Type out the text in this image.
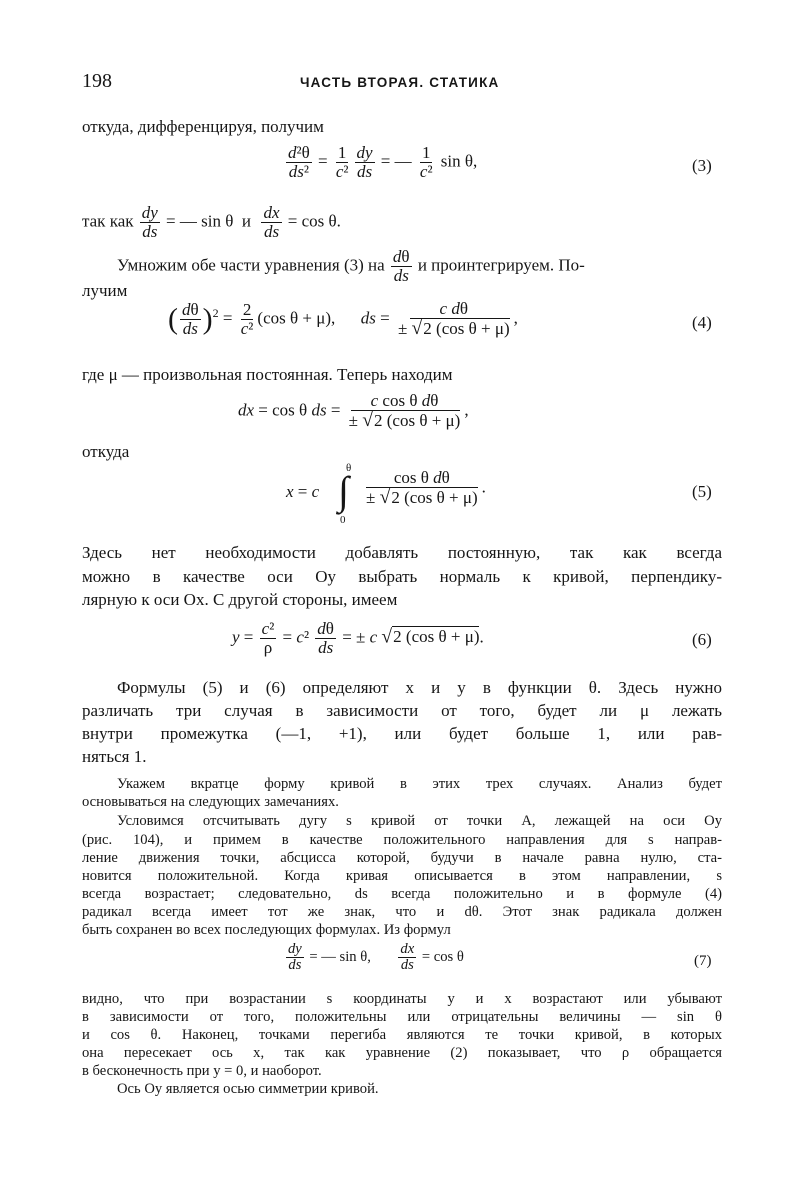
198	ЧАСТЬ ВТОРАЯ. СТАТИКА
откуда, дифференцируя, получим
$\frac{\text{d²θ}}{\text{ds²}} = \frac{1}{\text{c²}} \frac{dy}{ds}$ = — $\frac{1}{\text{c²}}$ sin θ,	(3)
так как $\frac{dy}{ds}$ = — sin θ  и $\frac{dx}{ds} = \cos \theta$.
Умножим обе части уравнения (3) на $\frac{d\theta}{ds}$ и проинтегрируем. По-
лучим
( $\frac{d\theta}{ds} )^2 = \frac{2}{\text{c²}} (\cos$ θ + μ),      ds = $\frac{\text{c dθ}}{\text{± √2 (cos θ + μ)}}$ ,	(4)
где μ — произвольная постоянная. Теперь находим
dx = cos θ ds = $\frac{\text{c cos θ dθ}}{\text{± √2 (cos θ + μ)}}$ ,
откуда
x = c ∫
θ
0
$\frac{\text{cos θ dθ}}{\text{± √2 (cos θ + μ)}}$ .	(5)
Здесь нет необходимости добавлять постоянную, так как всегда
можно в качестве оси Oy выбрать нормаль к кривой, перпендику-
лярную к оси Ox. С другой стороны, имеем
$y = \frac{\text{c²}}{\rho} = c^2 \frac{d\theta}{ds}$ = ± c √2 (cos θ + μ).	(6)
Формулы (5) и (6) определяют x и y в функции θ. Здесь нужно
различать три случая в зависимости от того, будет ли μ лежать
внутри промежутка (—1, +1), или будет больше 1, или рав-
няться 1.
Укажем вкратце форму кривой в этих трех случаях. Анализ будет
основываться на следующих замечаниях.
Условимся отсчитывать дугу s кривой от точки A, лежащей на оси Oy
(рис. 104), и примем в качестве положительного направления для s направ-
ление движения точки, абсцисса которой, будучи в начале равна нулю, ста-
новится положительной. Когда кривая описывается в этом направлении, s
всегда возрастает; следовательно, ds всегда положительно и в формуле (4)
радикал всегда имеет тот же знак, что и dθ. Этот знак радикала должен
быть сохранен во всех последующих формулах. Из формул
$\frac{dy}{ds}$ = — sin θ, $\frac{dx}{ds} = \cos \theta$	(7)
видно, что при возрастании s координаты y и x возрастают или убывают
в зависимости от того, положительны или отрицательны величины — sin θ
и cos θ. Наконец, точками перегиба являются те точки кривой, в которых
она пересекает ось x, так как уравнение (2) показывает, что ρ обращается
в бесконечность при y = 0, и наоборот.
Ось Oy является осью симметрии кривой.
